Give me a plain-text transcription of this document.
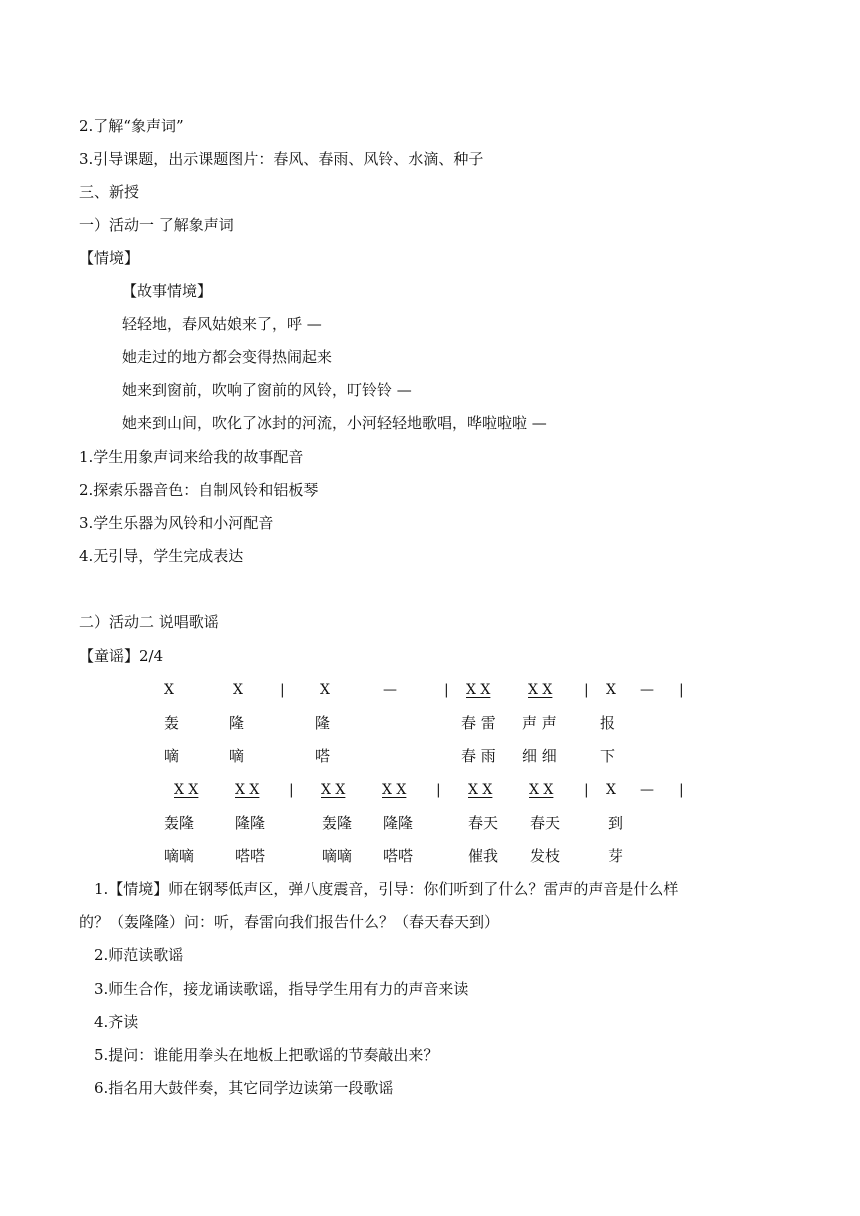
2.了解“象声词”
3.引导课题，出示课题图片：春风、春雨、风铃、水滴、种子
三、新授
一）活动一 了解象声词
【情境】
【故事情境】
轻轻地，春风姑娘来了，呼 —
她走过的地方都会变得热闹起来
她来到窗前，吹响了窗前的风铃，叮铃铃 —
她来到山间，吹化了冰封的河流，小河轻轻地歌唱，哗啦啦啦 —
1.学生用象声词来给我的故事配音
2.探索乐器音色：自制风铃和铝板琴
3.学生乐器为风铃和小河配音
4.无引导，学生完成表达
二）活动二 说唱歌谣
【童谣】2/4
X	X	|	X	—	| X X	X X | X — |
轰	隆	隆	春 雷 声 声	报
嘀	嘀	嗒	春 雨 细 细	下
X X	X X | X X	X X | X X	X X | X — |
轰隆	隆隆	轰隆 隆隆	春天 春天	到
嘀嘀	嗒嗒	嘀嘀 嗒嗒	催我 发枝	芽
1.【情境】师在钢琴低声区，弹八度震音，引导：你们听到了什么？雷声的声音是什么样
的？（轰隆隆）问：听，春雷向我们报告什么？（春天春天到）
2.师范读歌谣
3.师生合作，接龙诵读歌谣，指导学生用有力的声音来读
4.齐读
5.提问：谁能用拳头在地板上把歌谣的节奏敲出来？
6.指名用大鼓伴奏，其它同学边读第一段歌谣
